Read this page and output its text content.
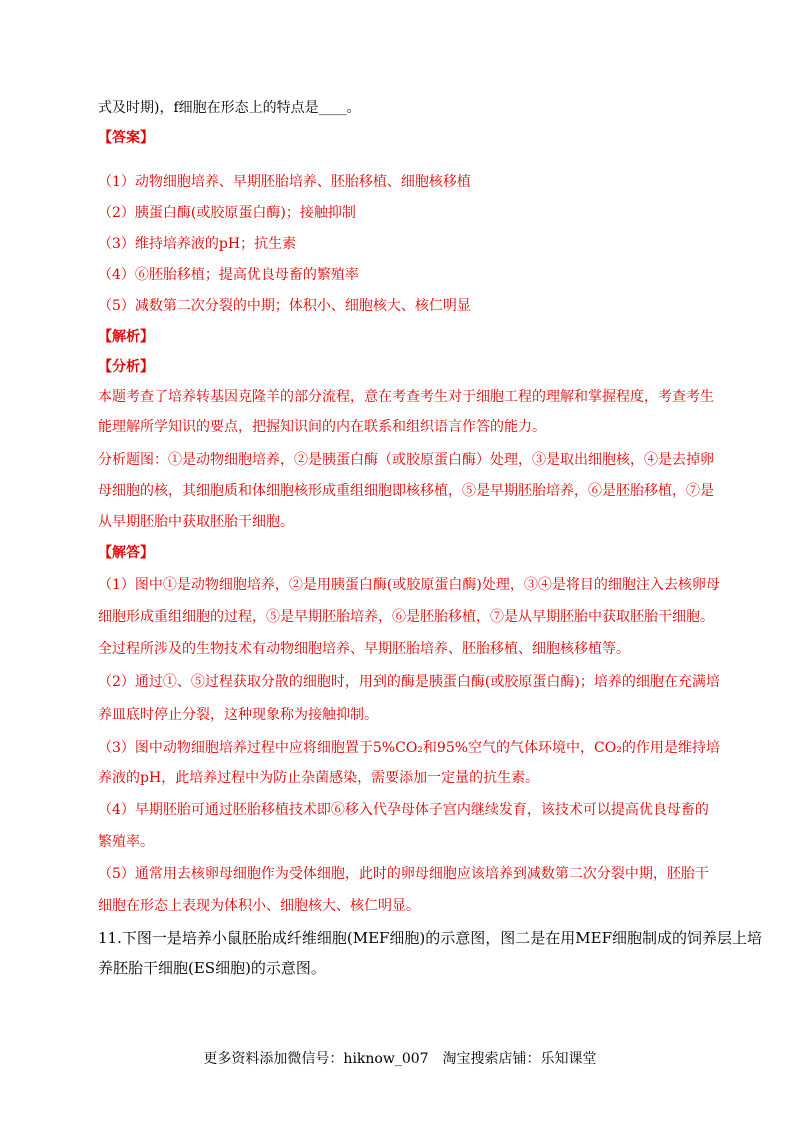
式及时期)，f细胞在形态上的特点是____。
【答案】
（1）动物细胞培养、早期胚胎培养、胚胎移植、细胞核移植
（2）胰蛋白酶(或胶原蛋白酶)；接触抑制
（3）维持培养液的pH；抗生素
（4）⑥胚胎移植；提高优良母畜的繁殖率
（5）减数第二次分裂的中期；体积小、细胞核大、核仁明显
【解析】
【分析】
本题考查了培养转基因克隆羊的部分流程，意在考查考生对于细胞工程的理解和掌握程度，考查考生
能理解所学知识的要点，把握知识间的内在联系和组织语言作答的能力。
分析题图：①是动物细胞培养，②是胰蛋白酶（或胶原蛋白酶）处理，③是取出细胞核，④是去掉卵
母细胞的核，其细胞质和体细胞核形成重组细胞即核移植，⑤是早期胚胎培养，⑥是胚胎移植，⑦是
从早期胚胎中获取胚胎干细胞。
【解答】
（1）图中①是动物细胞培养，②是用胰蛋白酶(或胶原蛋白酶)处理，③④是将目的细胞注入去核卵母
细胞形成重组细胞的过程，⑤是早期胚胎培养，⑥是胚胎移植，⑦是从早期胚胎中获取胚胎干细胞。
全过程所涉及的生物技术有动物细胞培养、早期胚胎培养、胚胎移植、细胞核移植等。
（2）通过①、⑤过程获取分散的细胞时，用到的酶是胰蛋白酶(或胶原蛋白酶)；培养的细胞在充满培
养皿底时停止分裂，这种现象称为接触抑制。
（3）图中动物细胞培养过程中应将细胞置于5%CO₂和95%空气的气体环境中，CO₂的作用是维持培
养液的pH，此培养过程中为防止杂菌感染，需要添加一定量的抗生素。
（4）早期胚胎可通过胚胎移植技术即⑥移入代孕母体子宫内继续发育，该技术可以提高优良母畜的
繁殖率。
（5）通常用去核卵母细胞作为受体细胞，此时的卵母细胞应该培养到减数第二次分裂中期，胚胎干
细胞在形态上表现为体积小、细胞核大、核仁明显。
11.下图一是培养小鼠胚胎成纤维细胞(MEF细胞)的示意图，图二是在用MEF细胞制成的饲养层上培
养胚胎干细胞(ES细胞)的示意图。
更多资料添加微信号：hiknow_007　淘宝搜索店铺：乐知课堂
